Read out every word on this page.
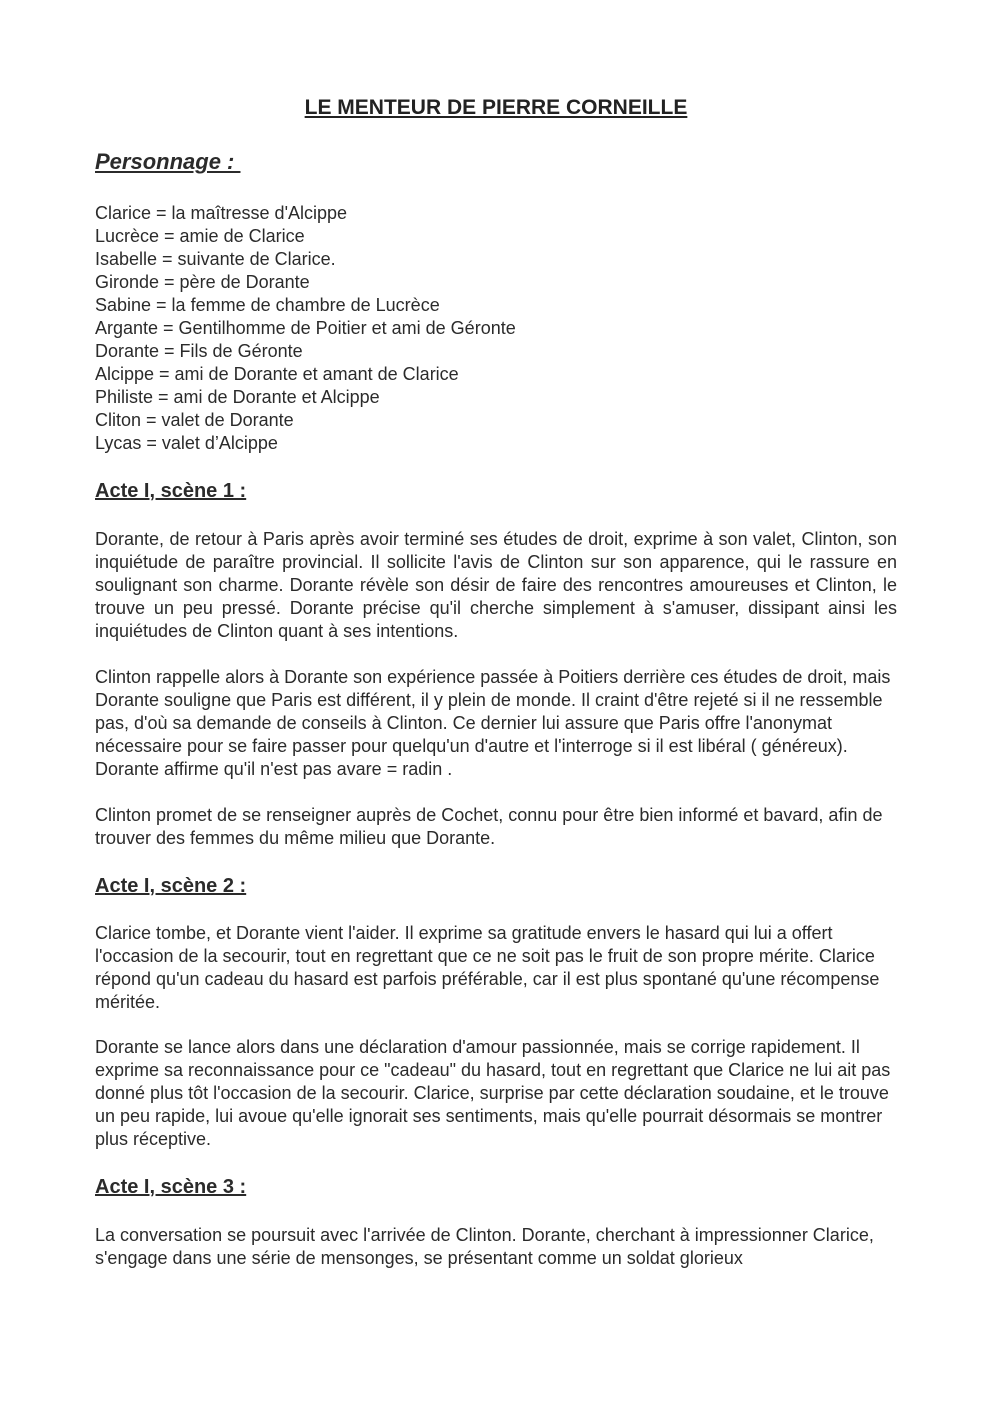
LE MENTEUR DE PIERRE CORNEILLE
Personnage :
Clarice = la maîtresse d'Alcippe
Lucrèce = amie de Clarice
Isabelle = suivante de Clarice.
Gironde = père de Dorante
Sabine = la femme de chambre de Lucrèce
Argante = Gentilhomme de Poitier et ami de Géronte
Dorante = Fils de Géronte
Alcippe = ami de Dorante et amant de Clarice
Philiste = ami de Dorante et Alcippe
Cliton = valet de Dorante
Lycas = valet d’Alcippe
Acte I, scène 1 :

Dorante, de retour à Paris après avoir terminé ses études de droit, exprime à son valet, Clinton, son inquiétude de paraître provincial. Il sollicite l'avis de Clinton sur son apparence, qui le rassure en soulignant son charme. Dorante révèle son désir de faire des rencontres amoureuses et Clinton, le trouve un peu pressé. Dorante précise qu'il cherche simplement à s'amuser, dissipant ainsi les inquiétudes de Clinton quant à ses intentions.

Clinton rappelle alors à Dorante son expérience passée à Poitiers derrière ces études de droit, mais Dorante souligne que Paris est différent, il y plein de monde. Il craint d'être rejeté si il ne ressemble pas, d'où sa demande de conseils à Clinton. Ce dernier lui assure que Paris offre l'anonymat nécessaire pour se faire passer pour quelqu'un d'autre et l'interroge si il est libéral ( généreux). Dorante affirme qu'il n'est pas avare = radin .

Clinton promet de se renseigner auprès de Cochet, connu pour être bien informé et bavard, afin de trouver des femmes du même milieu que Dorante.

Acte I, scène 2 :

Clarice tombe, et Dorante vient l'aider. Il exprime sa gratitude envers le hasard qui lui a offert l'occasion de la secourir, tout en regrettant que ce ne soit pas le fruit de son propre mérite. Clarice répond qu'un cadeau du hasard est parfois préférable, car il est plus spontané qu'une récompense méritée.

Dorante se lance alors dans une déclaration d'amour passionnée, mais se corrige rapidement. Il exprime sa reconnaissance pour ce "cadeau" du hasard, tout en regrettant que Clarice ne lui ait pas donné plus tôt l'occasion de la secourir. Clarice, surprise par cette déclaration soudaine, et le trouve un peu rapide, lui avoue qu'elle ignorait ses sentiments, mais qu'elle pourrait désormais se montrer plus réceptive.

Acte I, scène 3 :

La conversation se poursuit avec l'arrivée de Clinton. Dorante, cherchant à impressionner Clarice, s'engage dans une série de mensonges, se présentant comme un soldat glorieux
